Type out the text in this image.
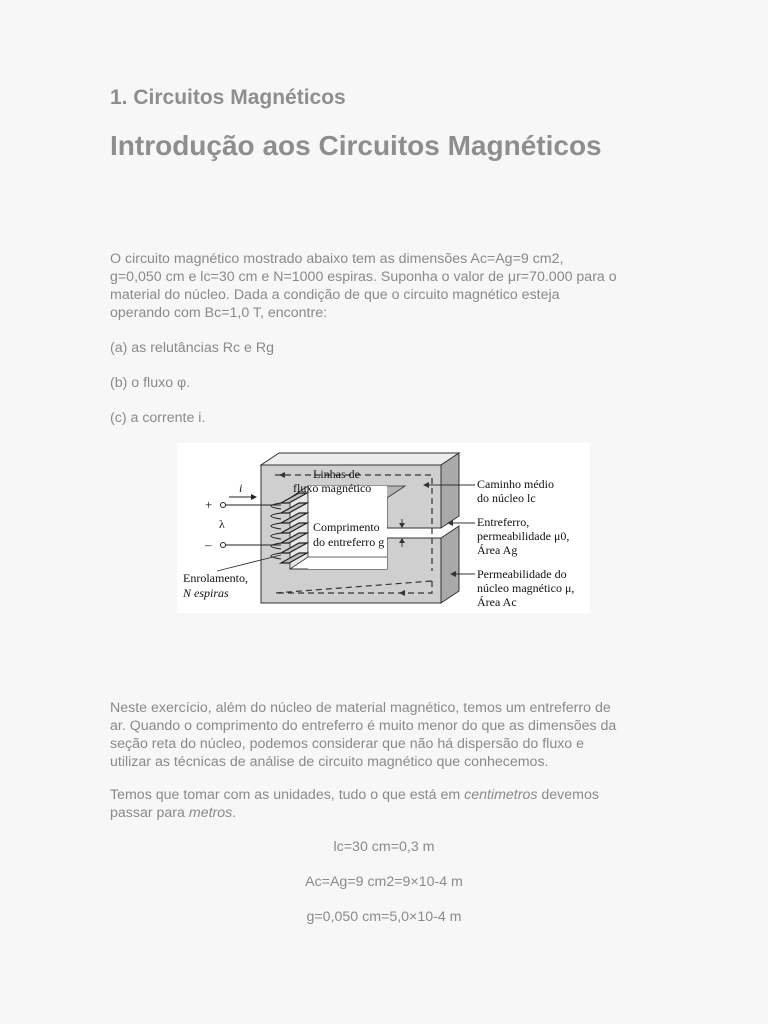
1. Circuitos Magnéticos
Introdução aos Circuitos Magnéticos

O circuito magnético mostrado abaixo tem as dimensões Ac=Ag=9 cm2,
g=0,050 cm e lc=30 cm e N=1000 espiras. Suponha o valor de μr=70.000 para o
material do núcleo. Dada a condição de que o circuito magnético esteja
operando com Bc=1,0 T, encontre:

(a) as relutâncias Rc e Rg

(b) o fluxo φ.

(c) a corrente i.

i
+
–
λ
Linhas de
fluxo magnético
Comprimento
do entreferro g
Enrolamento,
N espiras
Caminho médio
do núcleo lc
Entreferro,
permeabilidade μ0,
Área Ag
Permeabilidade do
núcleo magnético μ,
Área Ac

Neste exercício, além do núcleo de material magnético, temos um entreferro de
ar. Quando o comprimento do entreferro é muito menor do que as dimensões da
seção reta do núcleo, podemos considerar que não há dispersão do fluxo e
utilizar as técnicas de análise de circuito magnético que conhecemos.

Temos que tomar com as unidades, tudo o que está em centimetros devemos
passar para metros.

lc=30 cm=0,3 m

Ac=Ag=9 cm2=9×10-4 m

g=0,050 cm=5,0×10-4 m
